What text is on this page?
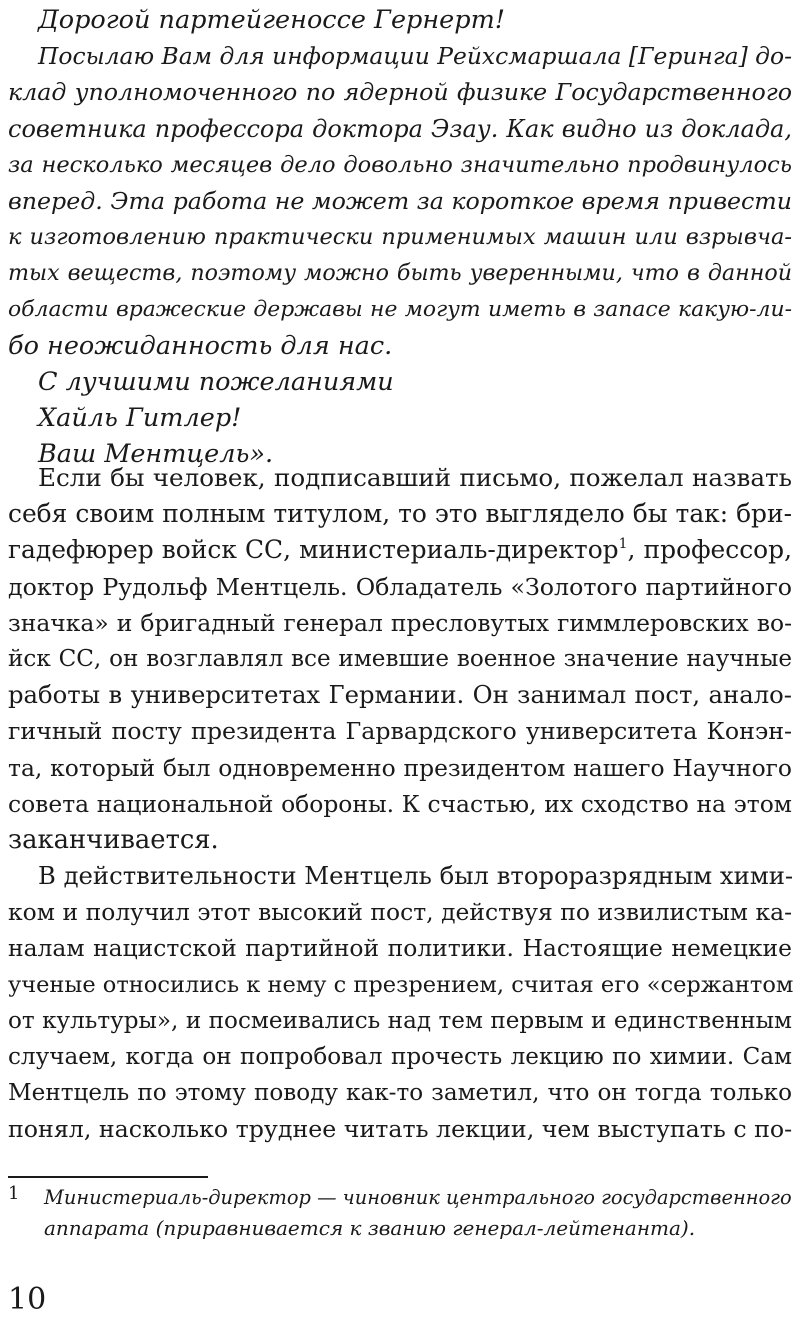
Дорогой партейгеноссе Гернерт!
Посылаю Вам для информации Рейхсмаршала [Геринга] до-
клад уполномоченного по ядерной физике Государственного
советника профессора доктора Эзау. Как видно из доклада,
за несколько месяцев дело довольно значительно продвинулось
вперед. Эта работа не может за короткое время привести
к изготовлению практически применимых машин или взрывча-
тых веществ, поэтому можно быть уверенными, что в данной
области вражеские державы не могут иметь в запасе какую-ли-
бо неожиданность для нас.
С лучшими пожеланиями
Хайль Гитлер!
Ваш Ментцель».
Если бы человек, подписавший письмо, пожелал назвать
себя своим полным титулом, то это выглядело бы так: бри-
гадефюрер войск СС, министериаль-директор$^1$, профессор,
доктор Рудольф Ментцель. Обладатель «Золотого партийного
значка» и бригадный генерал пресловутых гиммлеровских во-
йск СС, он возглавлял все имевшие военное значение научные
работы в университетах Германии. Он занимал пост, анало-
гичный посту президента Гарвардского университета Конэн-
та, который был одновременно президентом нашего Научного
совета национальной обороны. К счастью, их сходство на этом
заканчивается.
В действительности Ментцель был второразрядным хими-
ком и получил этот высокий пост, действуя по извилистым ка-
налам нацистской партийной политики. Настоящие немецкие
ученые относились к нему с презрением, считая его «сержантом
от культуры», и посмеивались над тем первым и единственным
случаем, когда он попробовал прочесть лекцию по химии. Сам
Ментцель по этому поводу как-то заметил, что он тогда только
понял, насколько труднее читать лекции, чем выступать с по-
1 Министериаль-директор — чиновник центрального государственного
аппарата (приравнивается к званию генерал-лейтенанта).
10
